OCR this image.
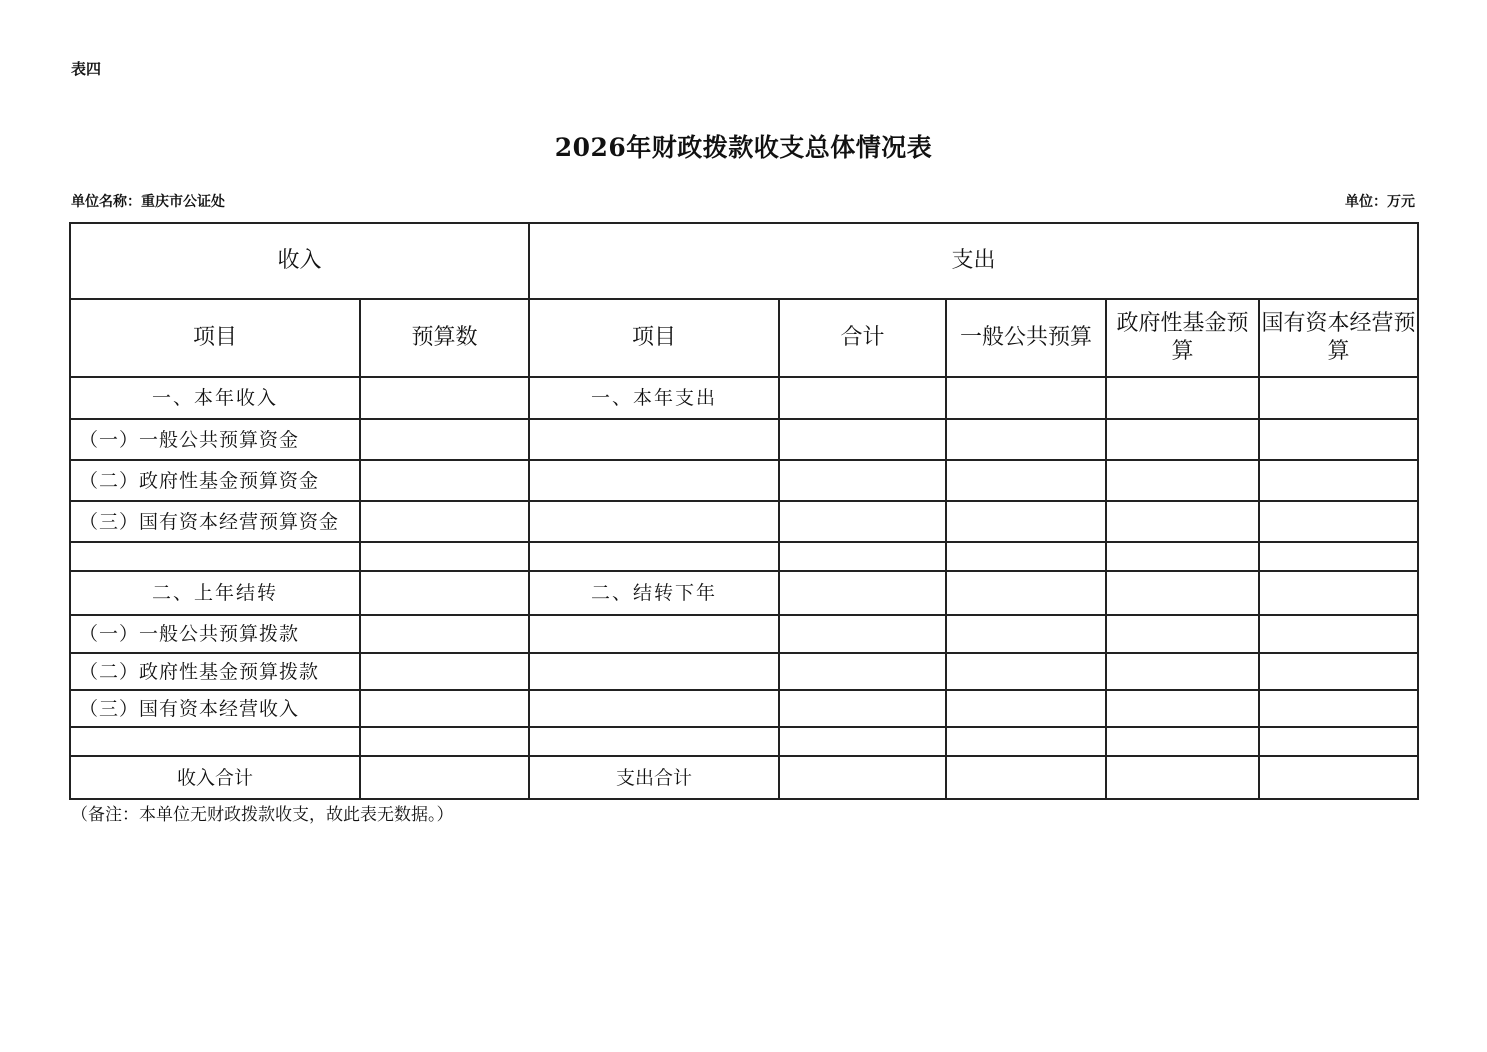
表四
2026年财政拨款收支总体情况表
单位名称：重庆市公证处	单位：万元
收入		支出				
项目	预算数	项目	合计	一般公共预算	政府性基金预算	国有资本经营预算
一、本年收入		一、本年支出				
（一）一般公共预算资金						
（二）政府性基金预算资金						
（三）国有资本经营预算资金						

二、上年结转		二、结转下年				
（一）一般公共预算拨款						
（二）政府性基金预算拨款						
（三）国有资本经营收入						

收入合计		支出合计				
（备注：本单位无财政拨款收支，故此表无数据。）
